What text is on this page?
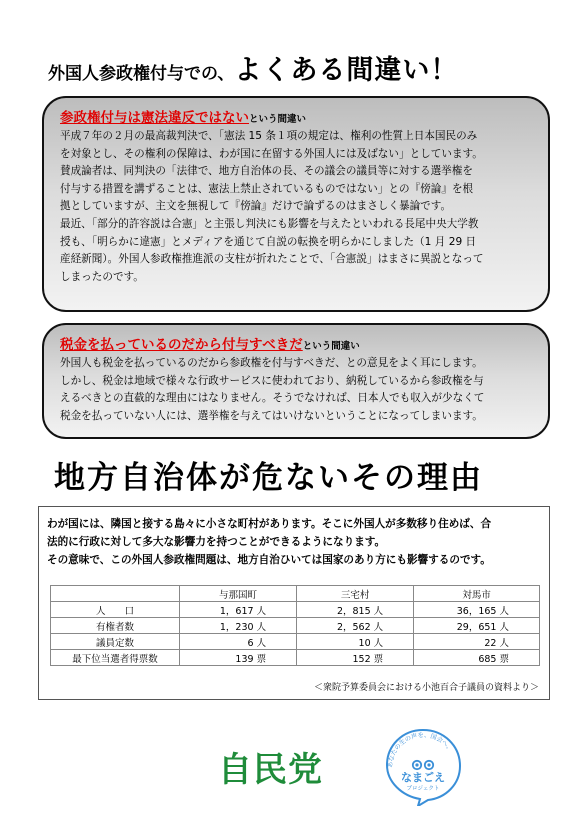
外国人参政権付与での、よくある間違い！
参政権付与は憲法違反ではないという間違い

平成７年の２月の最高裁判決で、「憲法 15 条１項の規定は、権利の性質上日本国民のみ

を対象とし、その権利の保障は、わが国に在留する外国人には及ばない」としています。

賛成論者は、同判決の「法律で、地方自治体の長、その議会の議員等に対する選挙権を

付与する措置を講ずることは、憲法上禁止されているものではない」との『傍論』を根

拠としていますが、主文を無視して『傍論』だけで論ずるのはまさしく暴論です。

最近、「部分的許容説は合憲」と主張し判決にも影響を与えたといわれる長尾中央大学教

授も、「明らかに違憲」とメディアを通じて自説の転換を明らかにしました（1 月 29 日

産経新聞）。外国人参政権推進派の支柱が折れたことで、「合憲説」はまさに異説となって

しまったのです。

税金を払っているのだから付与すべきだという間違い

外国人も税金を払っているのだから参政権を付与すべきだ、との意見をよく耳にします。

しかし、税金は地域で様々な行政サービスに使われており、納税しているから参政権を与

えるべきとの直截的な理由にはなりません。そうでなければ、日本人でも収入が少なくて

税金を払っていない人には、選挙権を与えてはいけないということになってしまいます。

地方自治体が危ないその理由

わが国には、隣国と接する島々に小さな町村があります。そこに外国人が多数移り住めば、合

法的に行政に対して多大な影響力を持つことができるようになります。

その意味で、この外国人参政権問題は、地方自治ひいては国家のあり方にも影響するのです。

	与那国町	三宅村	対馬市
人　　口	1，617 人	2，815 人	36，165 人
有権者数	1，230 人	2，562 人	29，651 人
議員定数	6 人	10 人	22 人
最下位当選者得票数	139 票	152 票	685 票
＜衆院予算委員会における小池百合子議員の資料より＞
自民党	あなたの生の声を、国会へ。
なまごえ
プロジェクト
